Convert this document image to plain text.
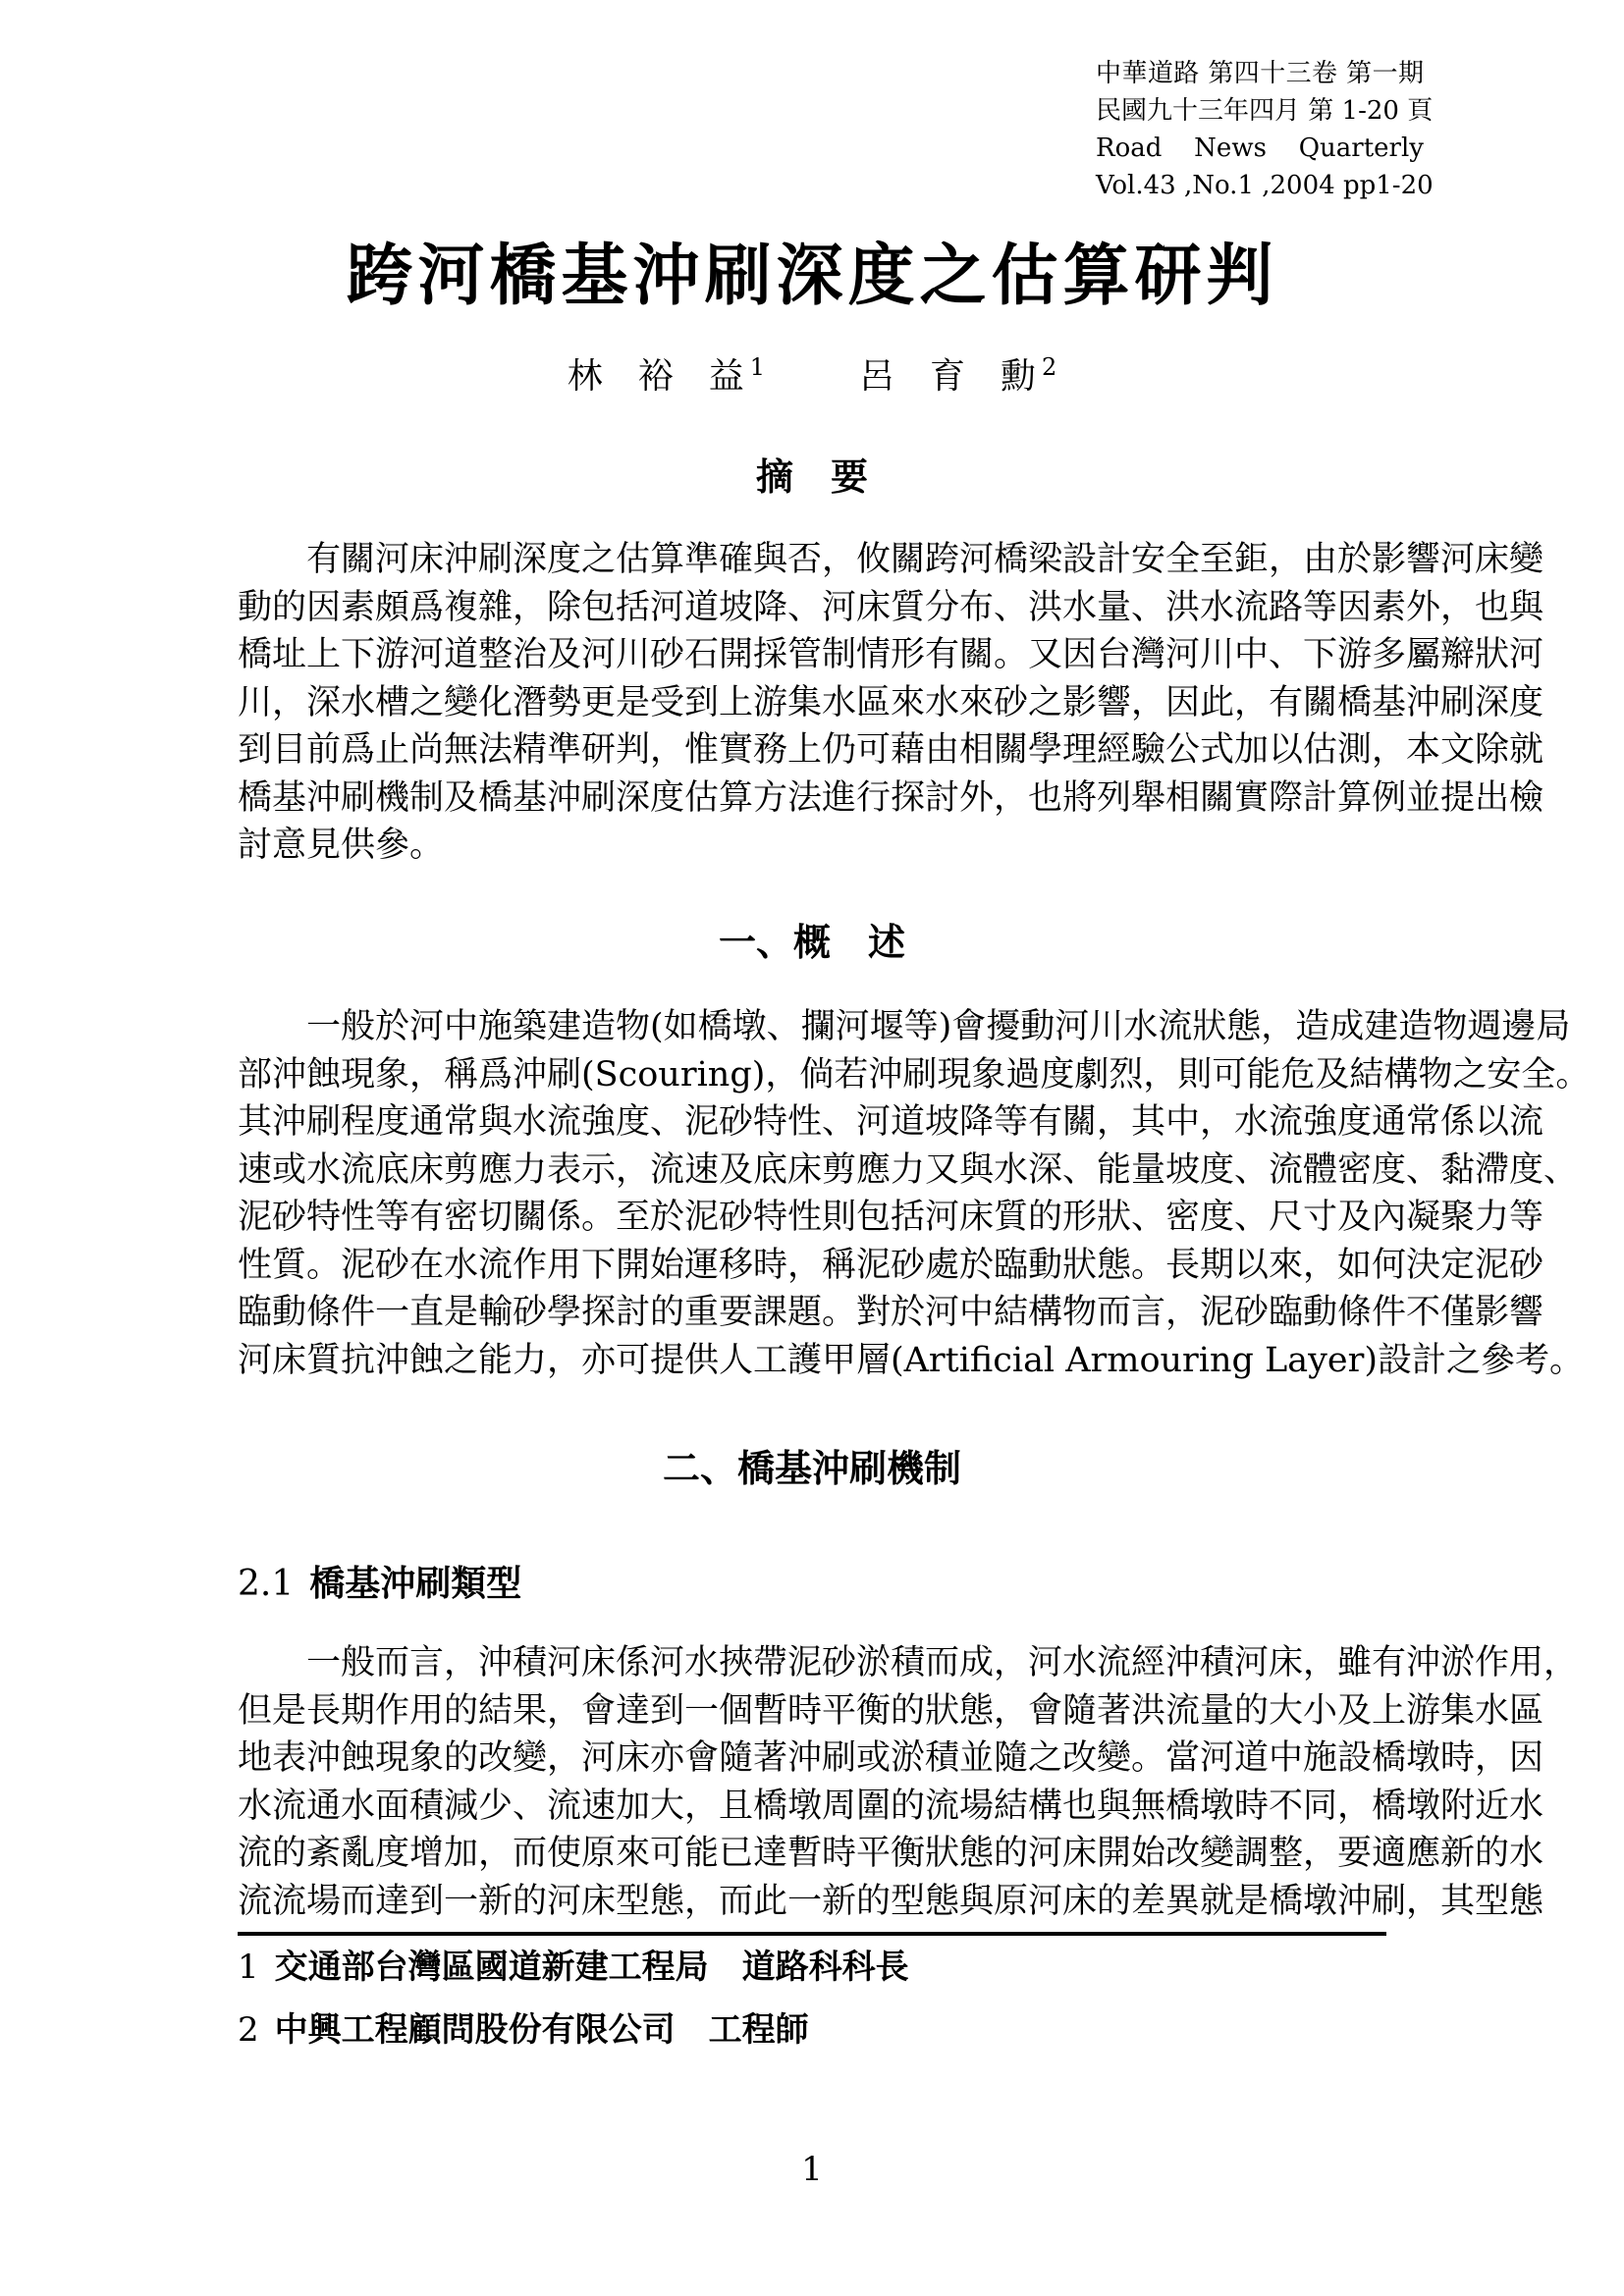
中華道路 第四十三卷 第一期
民國九十三年四月 第 1-20 頁
Road News Quarterly
Vol.43 ,No.1 ,2004 pp1-20
跨河橋基沖刷深度之估算研判
林　裕　益 $^1$	呂　育　勳 $^2$
摘　要
有關河床沖刷深度之估算準確與否，攸關跨河橋梁設計安全至鉅，由於影響河床變
動的因素頗爲複雜，除包括河道坡降、河床質分布、洪水量、洪水流路等因素外，也與
橋址上下游河道整治及河川砂石開採管制情形有關。又因台灣河川中、下游多屬辮狀河
川，深水槽之變化潛勢更是受到上游集水區來水來砂之影響，因此，有關橋基沖刷深度
到目前爲止尚無法精準研判，惟實務上仍可藉由相關學理經驗公式加以估測，本文除就
橋基沖刷機制及橋基沖刷深度估算方法進行探討外，也將列舉相關實際計算例並提出檢
討意見供參。
一、概　述
一般於河中施築建造物(如橋墩、攔河堰等)會擾動河川水流狀態，造成建造物週邊局
部沖蝕現象，稱爲沖刷(Scouring)，倘若沖刷現象過度劇烈，則可能危及結構物之安全。
其沖刷程度通常與水流強度、泥砂特性、河道坡降等有關，其中，水流強度通常係以流
速或水流底床剪應力表示，流速及底床剪應力又與水深、能量坡度、流體密度、黏滯度、
泥砂特性等有密切關係。至於泥砂特性則包括河床質的形狀、密度、尺寸及內凝聚力等
性質。泥砂在水流作用下開始運移時，稱泥砂處於臨動狀態。長期以來，如何決定泥砂
臨動條件一直是輸砂學探討的重要課題。對於河中結構物而言，泥砂臨動條件不僅影響
河床質抗沖蝕之能力，亦可提供人工護甲層(Artificial Armouring Layer)設計之參考。
二、橋基沖刷機制
2.1 橋基沖刷類型
一般而言，沖積河床係河水挾帶泥砂淤積而成，河水流經沖積河床，雖有沖淤作用，
但是長期作用的結果，會達到一個暫時平衡的狀態，會隨著洪流量的大小及上游集水區
地表沖蝕現象的改變，河床亦會隨著沖刷或淤積並隨之改變。當河道中施設橋墩時，因
水流通水面積減少、流速加大，且橋墩周圍的流場結構也與無橋墩時不同，橋墩附近水
流的紊亂度增加，而使原來可能已達暫時平衡狀態的河床開始改變調整，要適應新的水
流流場而達到一新的河床型態，而此一新的型態與原河床的差異就是橋墩沖刷，其型態
1 交通部台灣區國道新建工程局　道路科科長
2 中興工程顧問股份有限公司　工程師
1
